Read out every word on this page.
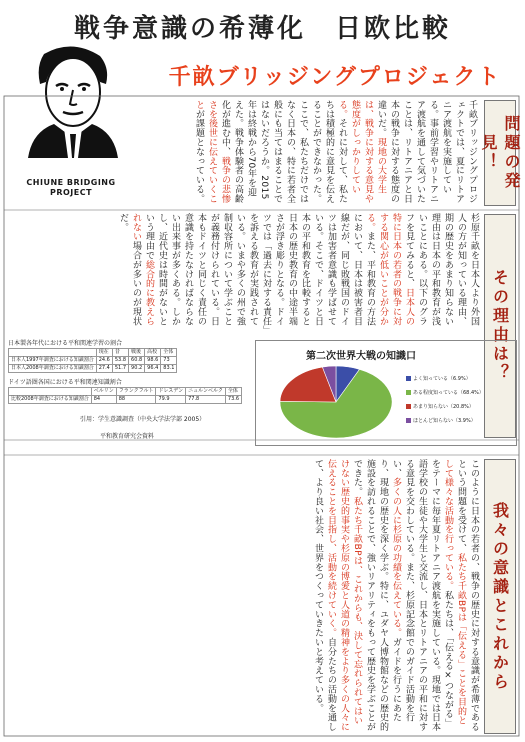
戦争意識の希薄化　日欧比較
千畝ブリッジングプロジェクト
CHIUNE BRIDGING
PROJECT
問題の発見！
千畝ブリッジングプロジェクトでは、夏にリトアニア渡航を実施している。事前学習やリトアニア渡航を通して気づいたことは、リトアニアと日本の戦争に対する態度の違いだ。現地の大学生は、戦争に対する意見や態度がしっかりしている。それに対して、私たちは積極的に意見を伝えることができなかった。ここで、私たちだけではなく日本の、特に若者全般にも当てはまることではないだろうか。2015年は終戦から70年を迎えた。戦争体験者の高齢化が進む中、戦争の悲惨さを後世に伝えていくことが課題となっている。
その理由は？
杉原千畝を日本人より外国人の方が知っている理由、期の歴史をあまり知らない理由は日本の平和教育が浅いことにある。以下のグラフを見てみると、日本人の特に日本の若者の戦争に対する関心が低いことが分かる。また、平和教育の方法において、日本は被害者目線だが、同じ敗戦国のドイツは加害者意識も学ばせている。そこで、ドイツと日本の平和教育を比較すると日本の歴史教育の中途半端さが浮き彫りとなる。ドイツでは「過去に対する責任」を訴える教育が実践されている。いまや多くの州で強制収容所について学ぶことが義務付けられている。日本もドイツと同じく責任の意識を持たなければならない出来事が多くある。しかし、近代史は時間がないという理由で総合的に教えられない場合が多いのが現状だ。
日本製各年代における平和関連学習の割合
	現在	昔	戦後	高校	全体
日本人1997年調査における知識割合	24.6	53.8	60.8	98.6	73
日本人2008年調査における知識割合	27.4	51.7	90.2	96.4	83.1
ドイツ語圏各国における平和関連知識割合
	ベルリン	フランクフルト	ドレスデン	ニュルンベルク	全体
比較2008年調査における知識割合	84	88	79.9	77.8	73.6
引用：学生意識調査（中央大学法学部 2005）
平和教育研究会資料
第二次世界大戦の知識口
よく知っている（6.9%）
ある程度知っている（68.4%）
あまり知らない（20.8%）
ほとんど知らない（3.9%）
我々の意識とこれから
このように日本の若者の、戦争の歴史に対する意識が希薄であるという問題を受けて、私たち千畝BPは「伝える」ことを目的として様々な活動を行っている。私たちは、「伝える×つながる」をテーマに毎年夏リトアニア渡航を実施している。現地では日本語学校の生徒や大学生と交流し、日本とリトアニアの平和に対する意見を交わしている。また、杉原記念館でのガイド活動を行い、多くの人に杉原の功績を伝えている。ガイドを行うにあたり、現地の歴史を深く学ぶ。特に、ユダヤ人博物館などの歴史的施設を訪れることで、強いリアリティをもって歴史を学ぶことができた。私たち千畝BPは、これからも、決して忘れられてはいけない歴史的事実や杉原の博愛と人道の精神をより多くの人々に伝えることを目指し、活動を続けていく。自分たちの活動を通して、より良い社会、世界をつくっていきたいと考えている。
